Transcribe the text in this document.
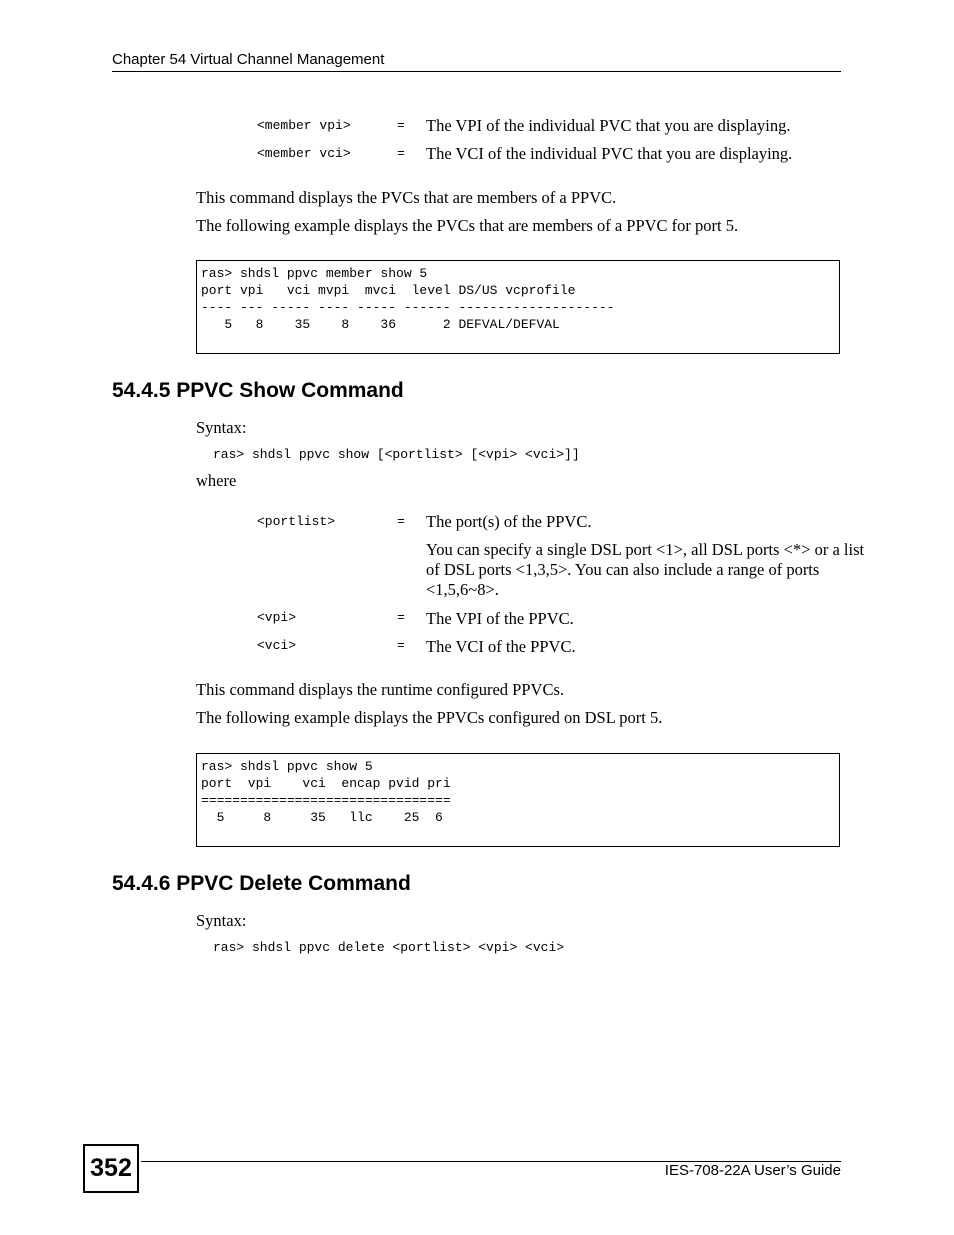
Chapter 54 Virtual Channel Management
<member vpi>	= The VPI of the individual PVC that you are displaying.
<member vci>	= The VCI of the individual PVC that you are displaying.
This command displays the PVCs that are members of a PPVC.
The following example displays the PVCs that are members of a PPVC for port 5.
ras> shdsl ppvc member show 5
port vpi   vci mvpi  mvci  level DS/US vcprofile
---- --- ----- ---- ----- ------ --------------------
5   8    35    8    36      2 DEFVAL/DEFVAL
54.4.5 PPVC Show Command
Syntax:
ras> shdsl ppvc show [<portlist> [<vpi> <vci>]]
where
<portlist>	= The port(s) of the PPVC.
You can specify a single DSL port <1>, all DSL ports <*> or a list of DSL ports <1,3,5>. You can also include a range of ports <1,5,6~8>.
<vpi>	= The VPI of the PPVC.
<vci>	= The VCI of the PPVC.
This command displays the runtime configured PPVCs.
The following example displays the PPVCs configured on DSL port 5.
ras> shdsl ppvc show 5
port  vpi    vci  encap pvid pri
================================
5     8     35   llc    25  6
54.4.6 PPVC Delete Command
Syntax:
ras> shdsl ppvc delete <portlist> <vpi> <vci>
352	IES-708-22A User’s Guide
